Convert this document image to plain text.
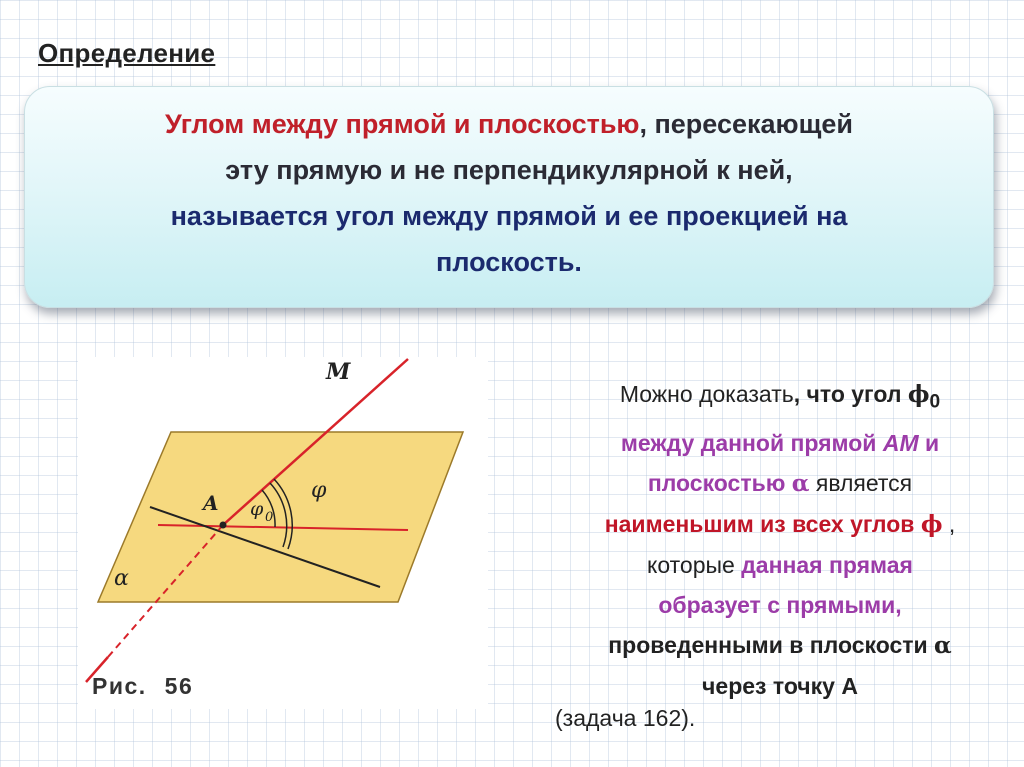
Определение
Углом между прямой и плоскостью, пересекающей
эту прямую и не перпендикулярной к ней,
называется угол между прямой и ее проекцией на
плоскость.
M
A	φ
φ 0
α
Рис. 56
Можно доказать, что угол $\phi_0$
между данной прямой АМ и
плоскостью α является
наименьшим из всех углов ϕ ,
которые данная прямая
образует с прямыми,
проведенными в плоскости α
через точку А
(задача 162).
